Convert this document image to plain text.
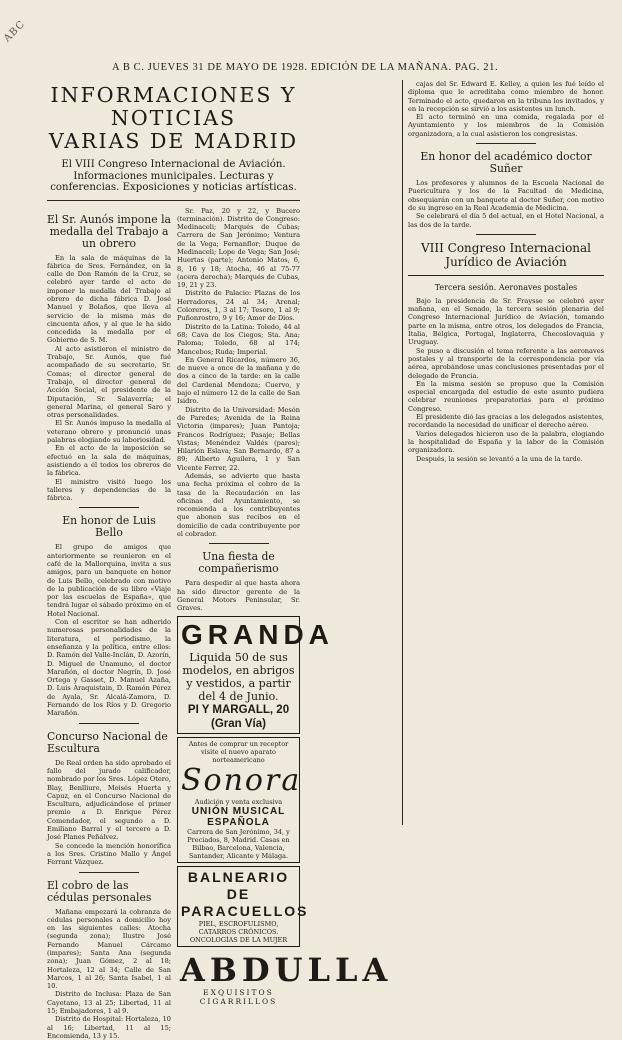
ABC
A B C. JUEVES 31 DE MAYO DE 1928. EDICIÓN DE LA MAÑANA. PAG. 21.
INFORMACIONES Y NOTICIAS
VARIAS DE MADRID
El VIII Congreso Internacional de Aviación. Informaciones municipales. Lecturas y conferencias. Exposiciones y noticias artísticas.
El Sr. Aunós impone la medalla del Trabajo a un obrero

En la sala de máquinas de la fábrica de Sres. Fernández, en la calle de Don Ramón de la Cruz, se celebró ayer tarde el acto de imponer la medalla del Trabajo al obrero de dicha fábrica D. José Manuel y Bolaños, que lleva al servicio de la misma más de cincuenta años, y al que le ha sido concedida la medalla por el Gobierno de S. M.

Al acto asistieron el ministro de Trabajo, Sr. Aunós, que fué acompañado de su secretario, Sr. Comas; el director general de Trabajo, el director general de Acción Social, el presidente de la Diputación, Sr. Salaverría; el general Marina, el general Saro y otras personalidades.

El Sr. Aunós impuso la medalla al veterano obrero y pronunció unas palabras elogiando su laboriosidad.

En el acto de la imposición se efectuó en la sala de máquinas, asistiendo a él todos los obreros de la fábrica.

El ministro visitó luego los talleres y dependencias de la fábrica.

En honor de Luis Bello

El grupo de amigos que anteriormente se reunieron en el café de la Mallorquina, invita a sus amigos, para un banquete en honor de Luis Bello, celebrado con motivo de la publicación de su libro «Viaje por las escuelas de España», que tendrá lugar el sábado próximo en el Hotel Nacional.

Con el escritor se han adherido numerosas personalidades de la literatura, el periodismo, la enseñanza y la política, entre ellos: D. Ramón del Valle-Inclán, D. Azorín, D. Miguel de Unamuno, el doctor Marañón, el doctor Negrín, D. José Ortega y Gasset, D. Manuel Azaña, D. Luis Araquistain, D. Ramón Pérez de Ayala, Sr. Alcalá-Zamora, D. Fernando de los Ríos y D. Gregorio Marañón.

Concurso Nacional de Escultura

De Real orden ha sido aprobado el fallo del jurado calificador, nombrado por los Sres. López Otero, Blay, Benlliure, Moisés Huerta y Capuz, en el Concurso Nacional de Escultura, adjudicándose el primer premio a D. Enrique Pérez Comendador, el segundo a D. Emiliano Barral y el tercero a D. José Planes Peñálvez.

Se concede la mención honorífica a los Sres. Cristino Mallo y Ángel Ferrant Vázquez.

El cobro de las cédulas personales

Mañana empezará la cobranza de cédulas personales a domicilio hoy en las siguientes calles: Atocha (segunda zona); Ilustre José Fernando Manuel Cárcamo (impares); Santa Ana (segunda zona); Juan Gómez, 2 al 18; Hortaleza, 12 al 34; Calle de San Marcos, 1 al 26; Santa Isabel, 1 al 10.

Distrito de Inclusa: Plaza de San Cayetano, 13 al 25; Libertad, 11 al 15; Embajadores, 1 al 9.

Distrito de Hospital: Hortaleza, 10 al 16; Libertad, 11 al 15; Encomienda, 13 y 15.

Sr. Paz, 20 y 22, y Bucero (terminación). Distrito de Congreso: Medinaceli; Marqués de Cubas; Carrera de San Jerónimo; Ventura de la Vega; Fernanflor; Duque de Medinaceli; Lope de Vega; San José; Huertas (parte); Antonio Matos, 6, 8, 16 y 18; Atocha, 46 al 75-77 (acera derecha); Marqués de Cubas, 19, 21 y 23.

Distrito de Palacio: Plazas de los Herradores, 24 al 34; Arenal; Coloreros, 1, 3 al 17; Tesoro, 1 al 9; Puñonrostro, 9 y 16; Amor de Dios.

Distrito de la Latina: Toledo, 44 al 68; Cava de los Ciegos; Sta. Ana; Paloma; Toledo, 68 al 174; Mancebos; Ruda; Imperial.

En General Ricardos, número 36, de nueve a once de la mañana y de dos a cinco de la tarde: en la calle del Cardenal Mendoza; Cuervo, y bajo el número 12 de la calle de San Isidro.

Distrito de la Universidad: Mesón de Paredes; Avenida de la Reina Victoria (impares); Juan Pantoja; Francos Rodríguez; Pasaje; Bellas Vistas; Menéndez Valdés (pares); Hilarión Eslava; San Bernardo, 87 a 89; Alberto Aguilera, 1 y San Vicente Ferrer, 22.

Además, se advierte que hasta una fecha próxima el cobro de la tasa de la Recaudación en las oficinas del Ayuntamiento, se recomienda a los contribuyentes que abonen sus recibos en el domicilio de cada contribuyente por el cobrador.

Una fiesta de compañerismo

Para despedir al que hasta ahora ha sido director gerente de la General Motors Peninsular, Sr. Graves.

GRANDA
Liquida 50 de sus modelos, en abrigos y vestidos, a partir del 4 de Junio.
PI Y MARGALL, 20 (Gran Vía)
Antes de comprar un receptor visite el nuevo aparato norteamericano
Sonora
Audición y venta exclusiva
UNIÓN MUSICAL ESPAÑOLA
Carrera de San Jerónimo, 34, y Preciados, 8, Madrid. Casas en Bilbao, Barcelona, Valencia, Santander, Alicante y Málaga.
BALNEARIO DE
PARACUELLOS
PIEL, ESCROFULISMO, CATARROS CRÓNICOS. ONCOLOGÍAS DE LA MUJER
ABDULLA
EXQUISITOS CIGARRILLOS

cajas del Sr. Edward E. Kelley, a quien les fué leído el diploma que le acreditaba como miembro de honor. Terminado el acto, quedaron en la tribuna los invitados, y en la recepción se sirvió a los asistentes un lunch.

El acto terminó en una comida, regalada por el Ayuntamiento y los miembros de la Comisión organizadora, a la cual asistieron los congresistas.

En honor del académico doctor Suñer

Los profesores y alumnos de la Escuela Nacional de Puericultura y los de la Facultad de Medicina, obsequiarán con un banquete al doctor Suñer, con motivo de su ingreso en la Real Academia de Medicina.

Se celebrará el día 5 del actual, en el Hotel Nacional, a las dos de la tarde.

VIII Congreso Internacional Jurídico de Aviación
Tercera sesión. Aeronaves postales

Bajo la presidencia de Sr. Fraysse se celebró ayer mañana, en el Senado, la tercera sesión plenaria del Congreso Internacional Jurídico de Aviación, tomando parte en la misma, entre otros, los delegados de Francia, Italia, Bélgica, Portugal, Inglaterra, Checoslovaquia y Uruguay.

Se puso a discusión el tema referente a las aeronaves postales y al transporte de la correspondencia por vía aérea, aprobándose unas conclusiones presentadas por el delegado de Francia.

En la misma sesión se propuso que la Comisión especial encargada del estudio de este asunto pudiera celebrar reuniones preparatorias para el próximo Congreso.

El presidente dió las gracias a los delegados asistentes, recordando la necesidad de unificar el derecho aéreo.

Varios delegados hicieron uso de la palabra, elogiando la hospitalidad de España y la labor de la Comisión organizadora.

Después, la sesión se levantó a la una de la tarde.
